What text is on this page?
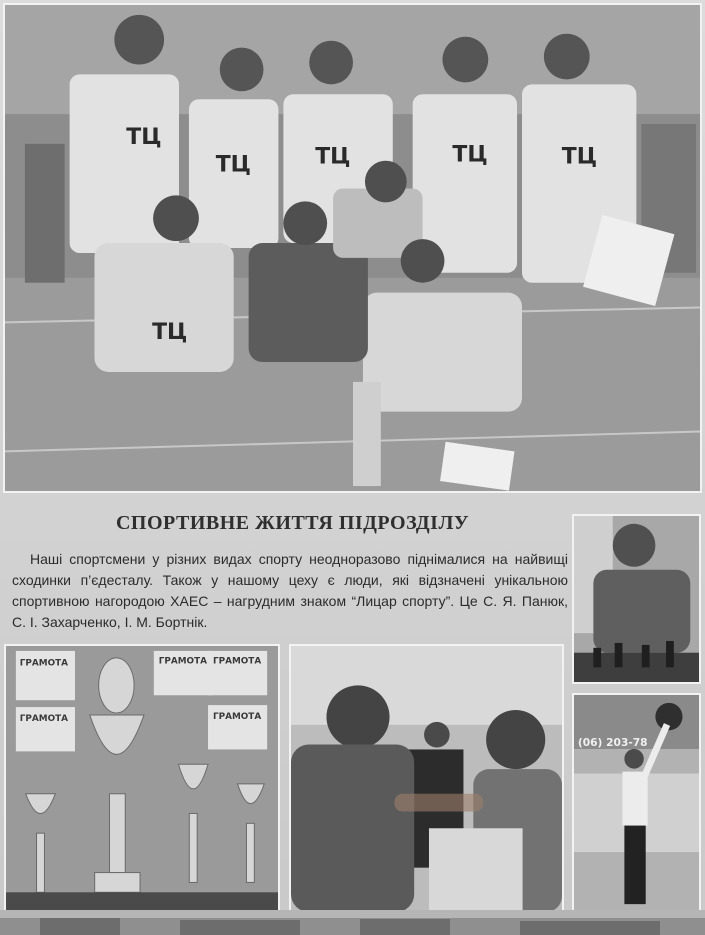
ТЦ
ТЦ	ТЦ	ТЦ	ТЦ
ТЦ
СПОРТИВНЕ ЖИТТЯ ПІДРОЗДІЛУ
Наші спортсмени у різних видах спорту неодноразово піднімалися на найвищі сходинки п’єдесталу. Також у нашому цеху є люди, які відзначені унікальною спортивною нагородою ХАЕС – нагрудним знаком “Лицар спорту”. Це С. Я. Панюк, С. І. Захарченко, І. М. Бортнік.
(06) 203-78
ГРАМОТА	ГРАМОТА ГРАМОТА
ГРАМОТА	ГРАМОТА
